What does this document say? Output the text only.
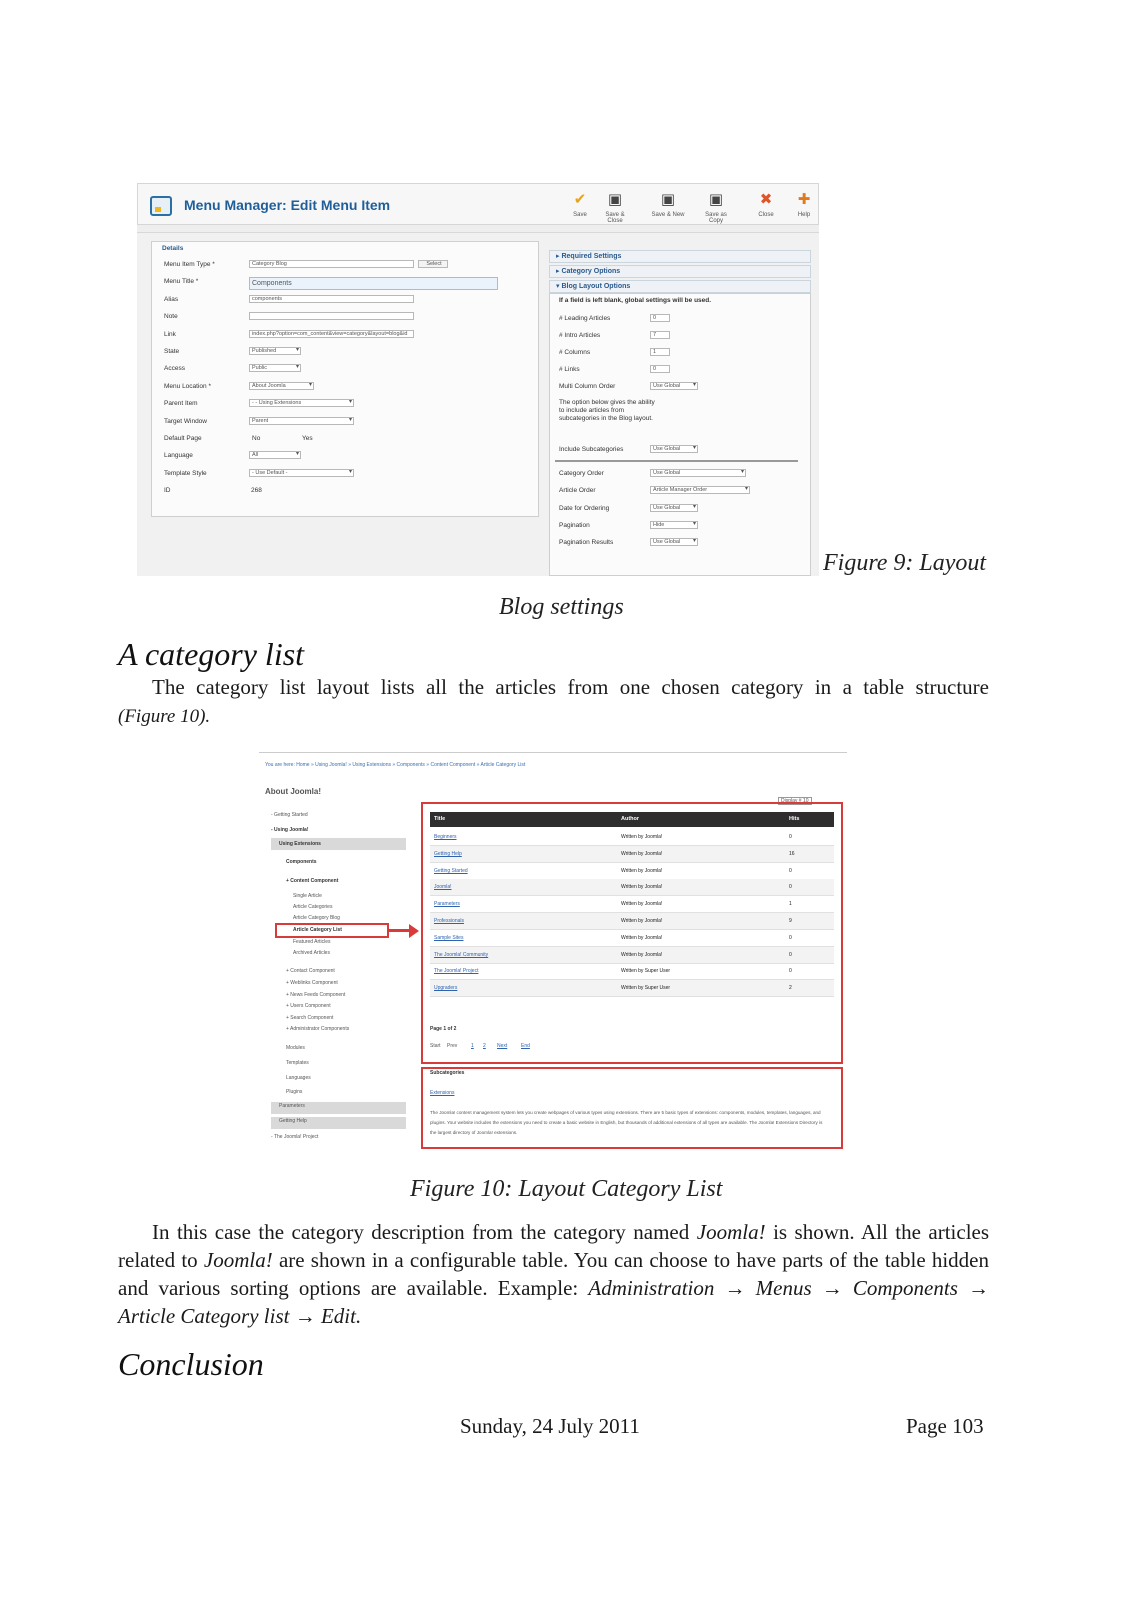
Menu Manager: Edit Menu Item	✔
Save
▣
Save & Close
▣
Save & New
▣
Save as Copy
✖
Close
✚
Help
Details
Menu Item Type *	Category Blog	Select
Menu Title *	Components
Alias	components
Note
Link	index.php?option=com_content&view=category&layout=blog&id
State	Published ▾
Access	Public ▾
Menu Location *	About Joomla ▾
Parent Item	- - Using Extensions ▾
Target Window	Parent ▾
Default Page	No	Yes
Language	All ▾
Template Style	- Use Default - ▾
ID	268
▸ Required Settings
▸ Category Options
▾ Blog Layout Options
If a field is left blank, global settings will be used.
The option below gives the ability to include articles from subcategories in the Blog layout.
Include Subcategories	Use Global ▾
# Leading Articles	0
# Intro Articles	7
# Columns	1
# Links	0
Multi Column Order	Use Global ▾
Category Order	Use Global ▾
Article Order	Article Manager Order ▾
Date for Ordering	Use Global ▾
Pagination	Hide ▾
Pagination Results	Use Global ▾
Figure 9: Layout
Blog settings
A category list
The category list layout lists all the articles from one chosen category in a table structure
(Figure 10).
You are here: Home » Using Joomla! » Using Extensions » Components » Content Component » Article Category List
About Joomla!
Display # 10
Title	Author	Hits
Page 1 of 2
Subcategories
Extensions
The Joomla! content management system lets you create webpages of various types using extensions. There are 5 basic types of extensions: components, modules, templates, languages, and plugins. Your website includes the extensions you need to create a basic website in English, but thousands of additional extensions of all types are available. The Joomla! Extensions Directory is the largest directory of Joomla! extensions.
- Getting Started
- Using Joomla!
Using Extensions
Components
+ Content Component
Single Article
Article Categories
Article Category Blog
Article Category List
Featured Articles
Archived Articles
+ Contact Component
+ Weblinks Component
+ News Feeds Component
+ Users Component
+ Search Component
+ Administrator Components
Modules
Templates
Languages
Plugins
Parameters
Getting Help
- The Joomla! Project
Beginners	Written by Joomla!	0
Getting Help	Written by Joomla!	16
Getting Started	Written by Joomla!	0
Joomla!	Written by Joomla!	0
Parameters	Written by Joomla!	1
Professionals	Written by Joomla!	9
Sample Sites	Written by Joomla!	0
The Joomla! Community	Written by Joomla!	0
The Joomla! Project	Written by Super User	0
Upgraders	Written by Super User	2
Start Prev	1 2 Next	End
Figure 10: Layout Category List
In this case the category description from the category named Joomla! is shown. All the articles related to Joomla! are shown in a configurable table. You can choose to have parts of the table hidden and various sorting options are available. Example: Administration → Menus → Components → Article Category list → Edit.
Conclusion
Sunday, 24 July 2011	Page 103
